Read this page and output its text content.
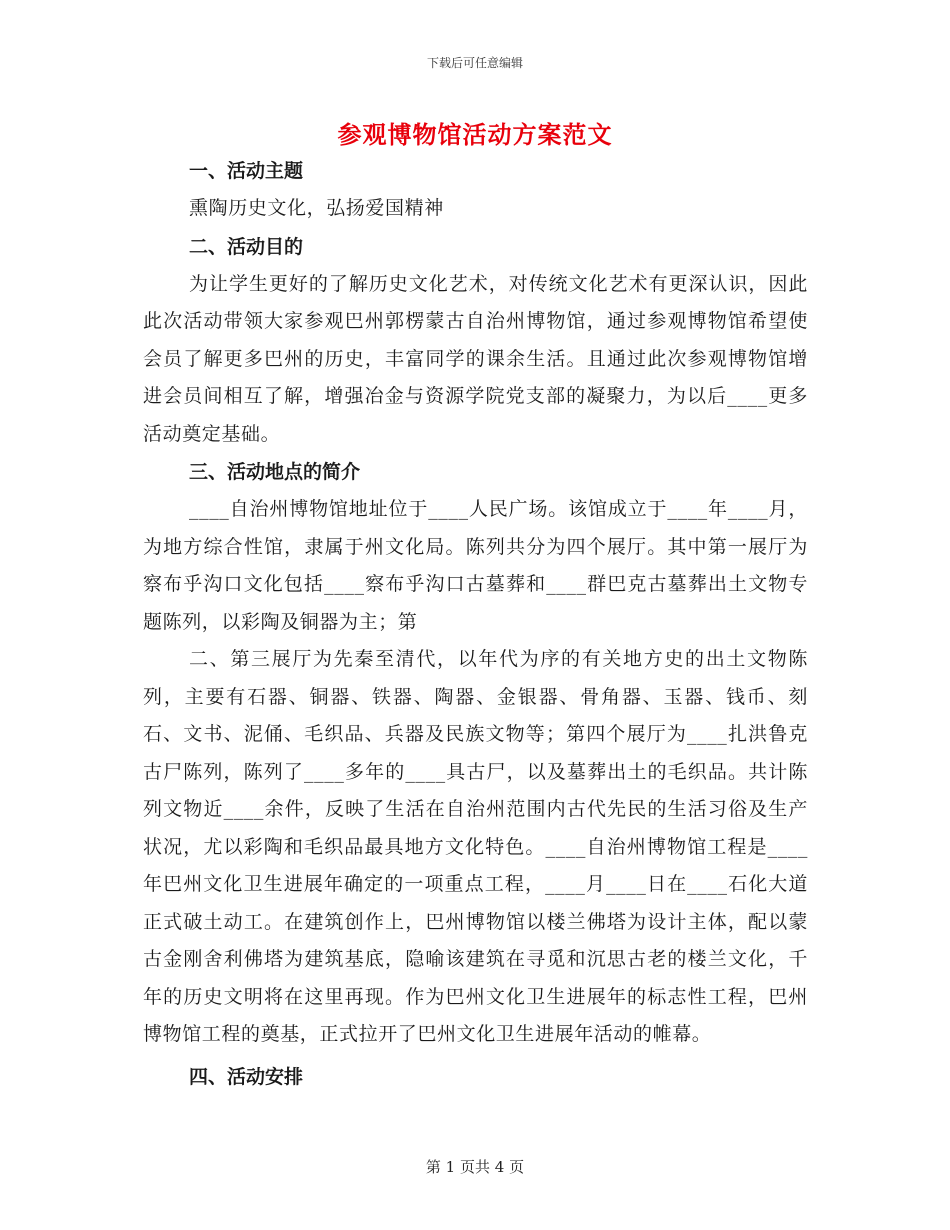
下载后可任意编辑
参观博物馆活动方案范文
一、活动主题

熏陶历史文化，弘扬爱国精神

二、活动目的

为让学生更好的了解历史文化艺术，对传统文化艺术有更深认识，因此此次活动带领大家参观巴州郭楞蒙古自治州博物馆，通过参观博物馆希望使会员了解更多巴州的历史，丰富同学的课余生活。且通过此次参观博物馆增进会员间相互了解，增强冶金与资源学院党支部的凝聚力，为以后____更多活动奠定基础。

三、活动地点的简介

____自治州博物馆地址位于____人民广场。该馆成立于____年____月，为地方综合性馆，隶属于州文化局。陈列共分为四个展厅。其中第一展厅为察布乎沟口文化包括____察布乎沟口古墓葬和____群巴克古墓葬出土文物专题陈列，以彩陶及铜器为主；第

二、第三展厅为先秦至清代，以年代为序的有关地方史的出土文物陈列，主要有石器、铜器、铁器、陶器、金银器、骨角器、玉器、钱币、刻石、文书、泥俑、毛织品、兵器及民族文物等；第四个展厅为____扎洪鲁克古尸陈列，陈列了____多年的____具古尸，以及墓葬出土的毛织品。共计陈列文物近____余件，反映了生活在自治州范围内古代先民的生活习俗及生产状况，尤以彩陶和毛织品最具地方文化特色。____自治州博物馆工程是____年巴州文化卫生进展年确定的一项重点工程，____月____日在____石化大道正式破土动工。在建筑创作上，巴州博物馆以楼兰佛塔为设计主体，配以蒙古金刚舍利佛塔为建筑基底，隐喻该建筑在寻觅和沉思古老的楼兰文化，千年的历史文明将在这里再现。作为巴州文化卫生进展年的标志性工程，巴州博物馆工程的奠基，正式拉开了巴州文化卫生进展年活动的帷幕。

四、活动安排
第 1 页共 4 页
